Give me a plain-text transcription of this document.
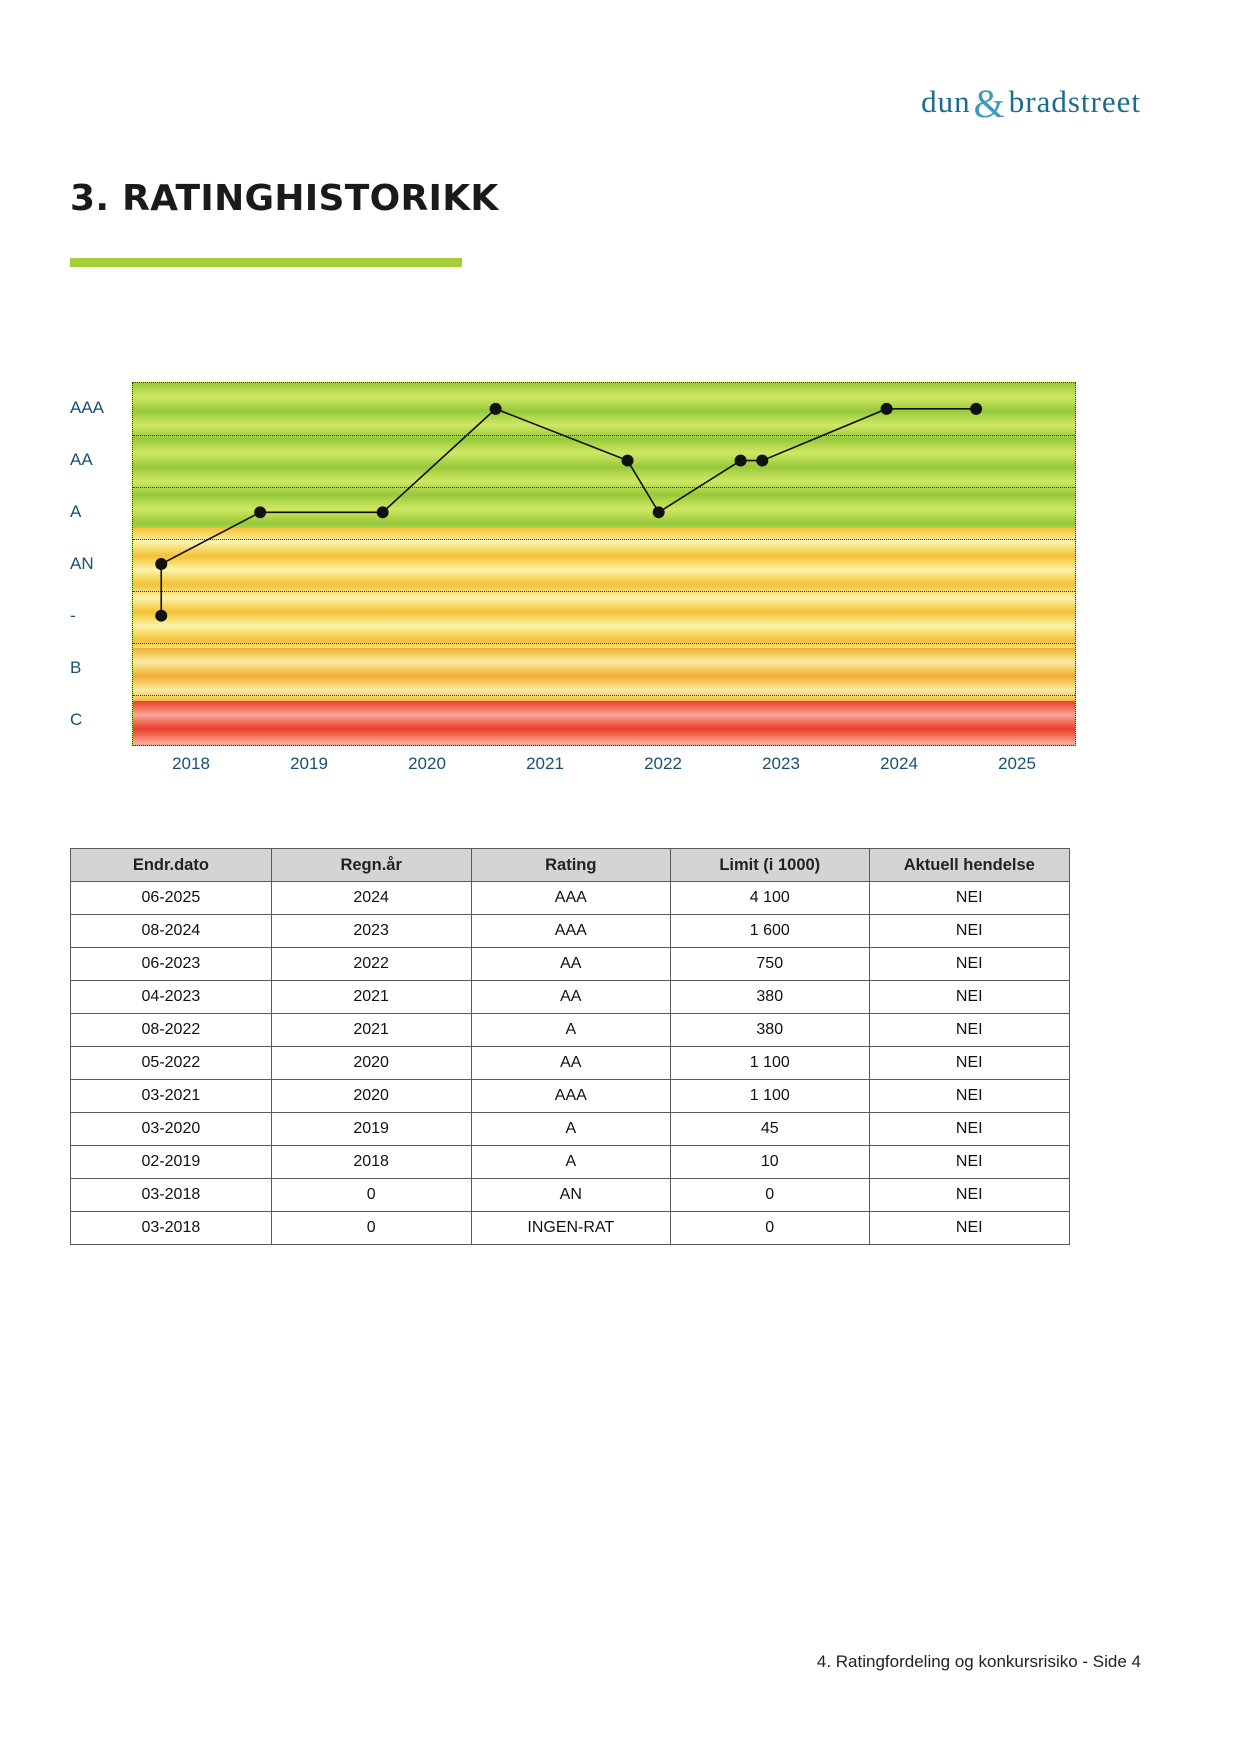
dun & bradstreet
3. RATINGHISTORIKK
AAA
AA
A
AN
-
B
C
2018	2019	2020	2021	2022	2023	2024	2025
Endr.dato	Regn.år	Rating	Limit (i 1000)	Aktuell hendelse
06-2025	2024	AAA	4 100	NEI
08-2024	2023	AAA	1 600	NEI
06-2023	2022	AA	750	NEI
04-2023	2021	AA	380	NEI
08-2022	2021	A	380	NEI
05-2022	2020	AA	1 100	NEI
03-2021	2020	AAA	1 100	NEI
03-2020	2019	A	45	NEI
02-2019	2018	A	10	NEI
03-2018	0	AN	0	NEI
03-2018	0	INGEN-RAT	0	NEI
4. Ratingfordeling og konkursrisiko - Side 4
